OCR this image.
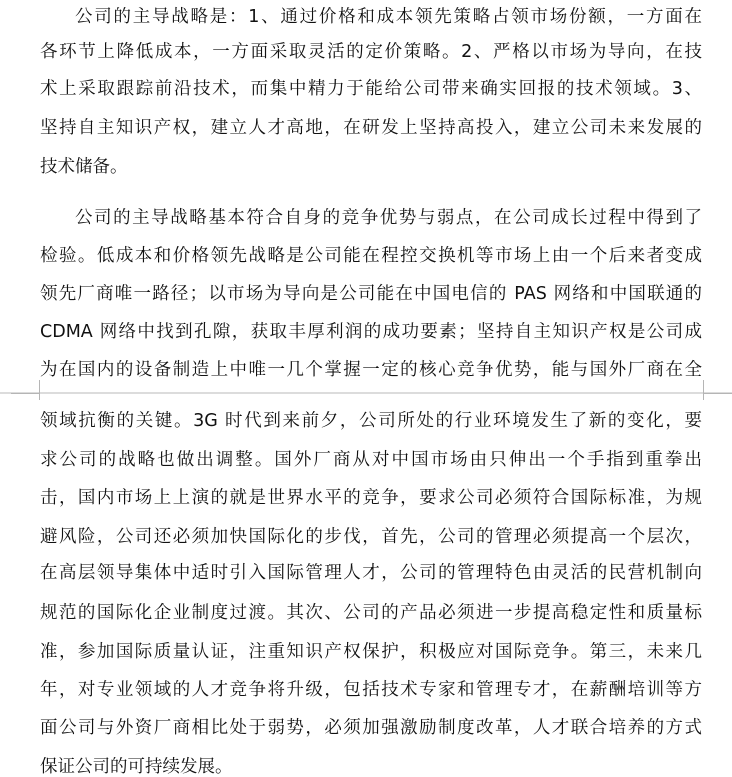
公司的主导战略是：1、通过价格和成本领先策略占领市场份额，一方面在
各环节上降低成本，一方面采取灵活的定价策略。2、严格以市场为导向，在技
术上采取跟踪前沿技术，而集中精力于能给公司带来确实回报的技术领域。3、
坚持自主知识产权，建立人才高地，在研发上坚持高投入，建立公司未来发展的
技术储备。
公司的主导战略基本符合自身的竞争优势与弱点，在公司成长过程中得到了
检验。低成本和价格领先战略是公司能在程控交换机等市场上由一个后来者变成
领先厂商唯一路径；以市场为导向是公司能在中国电信的 PAS 网络和中国联通的
CDMA 网络中找到孔隙，获取丰厚利润的成功要素；坚持自主知识产权是公司成
为在国内的设备制造上中唯一几个掌握一定的核心竞争优势，能与国外厂商在全
领域抗衡的关键。3G 时代到来前夕，公司所处的行业环境发生了新的变化，要
求公司的战略也做出调整。国外厂商从对中国市场由只伸出一个手指到重拳出
击，国内市场上上演的就是世界水平的竞争，要求公司必须符合国际标准，为规
避风险，公司还必须加快国际化的步伐，首先，公司的管理必须提高一个层次，
在高层领导集体中适时引入国际管理人才，公司的管理特色由灵活的民营机制向
规范的国际化企业制度过渡。其次、公司的产品必须进一步提高稳定性和质量标
准，参加国际质量认证，注重知识产权保护，积极应对国际竞争。第三，未来几
年，对专业领域的人才竞争将升级，包括技术专家和管理专才，在薪酬培训等方
面公司与外资厂商相比处于弱势，必须加强激励制度改革，人才联合培养的方式
保证公司的可持续发展。
